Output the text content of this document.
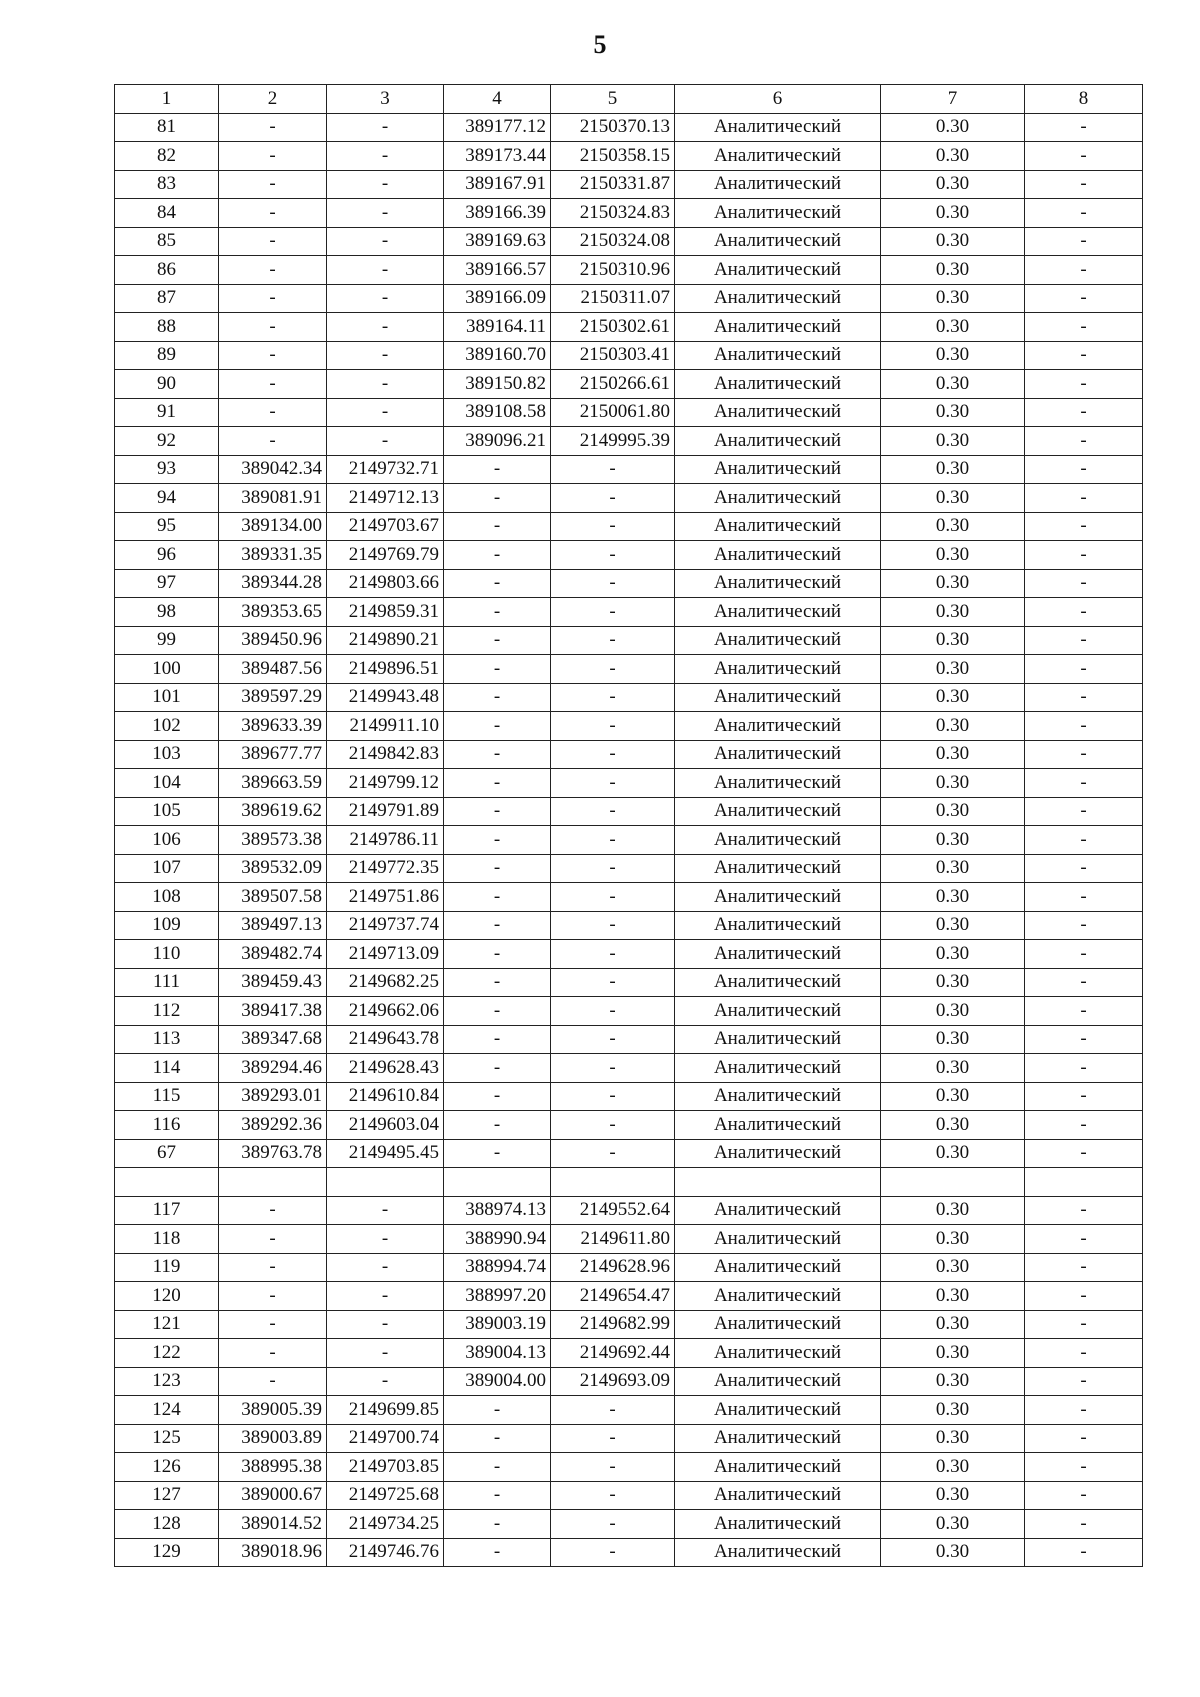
5
1	2	3	4	5	6	7	8
81	-	-	389177.12	2150370.13	Аналитический	0.30	-
82	-	-	389173.44	2150358.15	Аналитический	0.30	-
83	-	-	389167.91	2150331.87	Аналитический	0.30	-
84	-	-	389166.39	2150324.83	Аналитический	0.30	-
85	-	-	389169.63	2150324.08	Аналитический	0.30	-
86	-	-	389166.57	2150310.96	Аналитический	0.30	-
87	-	-	389166.09	2150311.07	Аналитический	0.30	-
88	-	-	389164.11	2150302.61	Аналитический	0.30	-
89	-	-	389160.70	2150303.41	Аналитический	0.30	-
90	-	-	389150.82	2150266.61	Аналитический	0.30	-
91	-	-	389108.58	2150061.80	Аналитический	0.30	-
92	-	-	389096.21	2149995.39	Аналитический	0.30	-
93	389042.34	2149732.71	-	-	Аналитический	0.30	-
94	389081.91	2149712.13	-	-	Аналитический	0.30	-
95	389134.00	2149703.67	-	-	Аналитический	0.30	-
96	389331.35	2149769.79	-	-	Аналитический	0.30	-
97	389344.28	2149803.66	-	-	Аналитический	0.30	-
98	389353.65	2149859.31	-	-	Аналитический	0.30	-
99	389450.96	2149890.21	-	-	Аналитический	0.30	-
100	389487.56	2149896.51	-	-	Аналитический	0.30	-
101	389597.29	2149943.48	-	-	Аналитический	0.30	-
102	389633.39	2149911.10	-	-	Аналитический	0.30	-
103	389677.77	2149842.83	-	-	Аналитический	0.30	-
104	389663.59	2149799.12	-	-	Аналитический	0.30	-
105	389619.62	2149791.89	-	-	Аналитический	0.30	-
106	389573.38	2149786.11	-	-	Аналитический	0.30	-
107	389532.09	2149772.35	-	-	Аналитический	0.30	-
108	389507.58	2149751.86	-	-	Аналитический	0.30	-
109	389497.13	2149737.74	-	-	Аналитический	0.30	-
110	389482.74	2149713.09	-	-	Аналитический	0.30	-
111	389459.43	2149682.25	-	-	Аналитический	0.30	-
112	389417.38	2149662.06	-	-	Аналитический	0.30	-
113	389347.68	2149643.78	-	-	Аналитический	0.30	-
114	389294.46	2149628.43	-	-	Аналитический	0.30	-
115	389293.01	2149610.84	-	-	Аналитический	0.30	-
116	389292.36	2149603.04	-	-	Аналитический	0.30	-
67	389763.78	2149495.45	-	-	Аналитический	0.30	-

117	-	-	388974.13	2149552.64	Аналитический	0.30	-
118	-	-	388990.94	2149611.80	Аналитический	0.30	-
119	-	-	388994.74	2149628.96	Аналитический	0.30	-
120	-	-	388997.20	2149654.47	Аналитический	0.30	-
121	-	-	389003.19	2149682.99	Аналитический	0.30	-
122	-	-	389004.13	2149692.44	Аналитический	0.30	-
123	-	-	389004.00	2149693.09	Аналитический	0.30	-
124	389005.39	2149699.85	-	-	Аналитический	0.30	-
125	389003.89	2149700.74	-	-	Аналитический	0.30	-
126	388995.38	2149703.85	-	-	Аналитический	0.30	-
127	389000.67	2149725.68	-	-	Аналитический	0.30	-
128	389014.52	2149734.25	-	-	Аналитический	0.30	-
129	389018.96	2149746.76	-	-	Аналитический	0.30	-
